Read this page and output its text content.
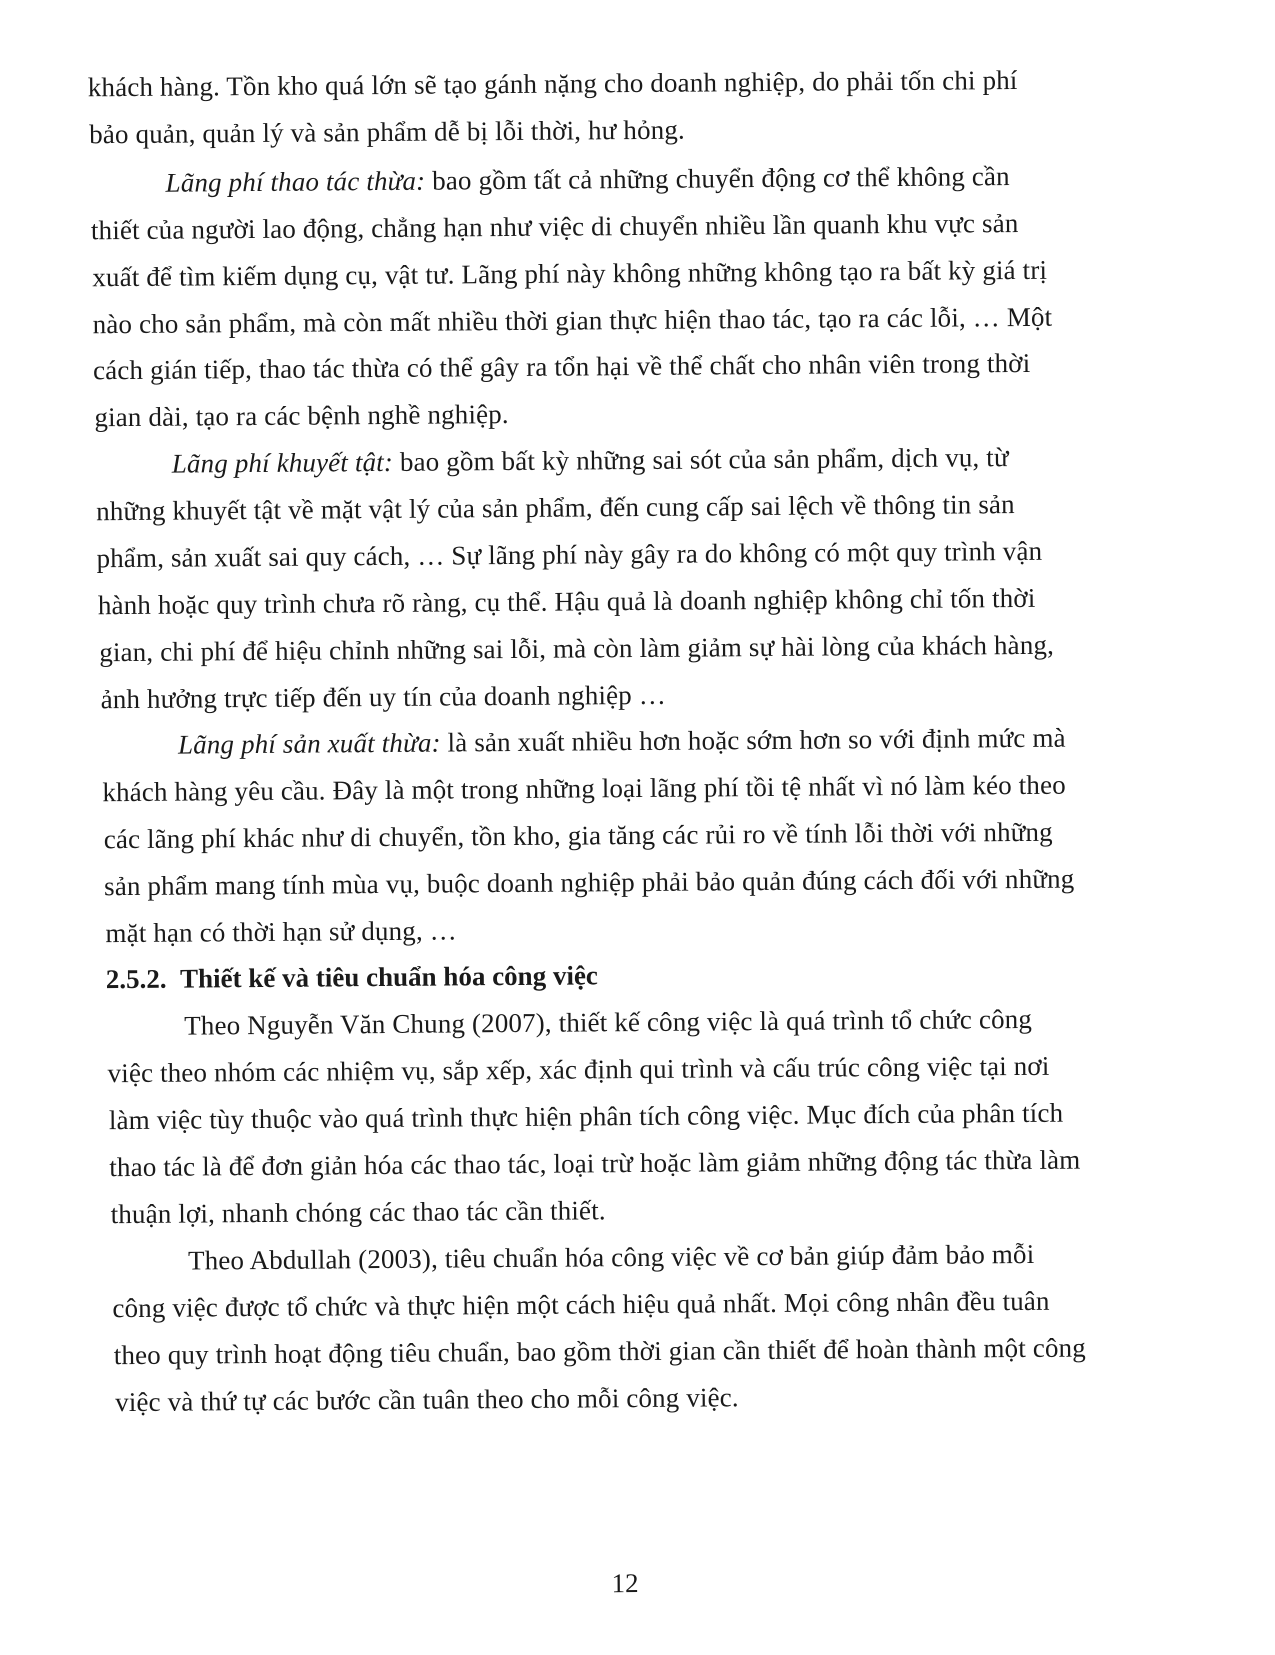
khách hàng. Tồn kho quá lớn sẽ tạo gánh nặng cho doanh nghiệp, do phải tốn chi phí
bảo quản, quản lý và sản phẩm dễ bị lỗi thời, hư hỏng.
Lãng phí thao tác thừa: bao gồm tất cả những chuyển động cơ thể không cần
thiết của người lao động, chẳng hạn như việc di chuyển nhiều lần quanh khu vực sản
xuất để tìm kiếm dụng cụ, vật tư. Lãng phí này không những không tạo ra bất kỳ giá trị
nào cho sản phẩm, mà còn mất nhiều thời gian thực hiện thao tác, tạo ra các lỗi, … Một
cách gián tiếp, thao tác thừa có thể gây ra tổn hại về thể chất cho nhân viên trong thời
gian dài, tạo ra các bệnh nghề nghiệp.
Lãng phí khuyết tật: bao gồm bất kỳ những sai sót của sản phẩm, dịch vụ, từ
những khuyết tật về mặt vật lý của sản phẩm, đến cung cấp sai lệch về thông tin sản
phẩm, sản xuất sai quy cách, … Sự lãng phí này gây ra do không có một quy trình vận
hành hoặc quy trình chưa rõ ràng, cụ thể. Hậu quả là doanh nghiệp không chỉ tốn thời
gian, chi phí để hiệu chỉnh những sai lỗi, mà còn làm giảm sự hài lòng của khách hàng,
ảnh hưởng trực tiếp đến uy tín của doanh nghiệp …
Lãng phí sản xuất thừa: là sản xuất nhiều hơn hoặc sớm hơn so với định mức mà
khách hàng yêu cầu. Đây là một trong những loại lãng phí tồi tệ nhất vì nó làm kéo theo
các lãng phí khác như di chuyển, tồn kho, gia tăng các rủi ro về tính lỗi thời với những
sản phẩm mang tính mùa vụ, buộc doanh nghiệp phải bảo quản đúng cách đối với những
mặt hạn có thời hạn sử dụng, …
2.5.2. Thiết kế và tiêu chuẩn hóa công việc
Theo Nguyễn Văn Chung (2007), thiết kế công việc là quá trình tổ chức công
việc theo nhóm các nhiệm vụ, sắp xếp, xác định qui trình và cấu trúc công việc tại nơi
làm việc tùy thuộc vào quá trình thực hiện phân tích công việc. Mục đích của phân tích
thao tác là để đơn giản hóa các thao tác, loại trừ hoặc làm giảm những động tác thừa làm
thuận lợi, nhanh chóng các thao tác cần thiết.
Theo Abdullah (2003), tiêu chuẩn hóa công việc về cơ bản giúp đảm bảo mỗi
công việc được tổ chức và thực hiện một cách hiệu quả nhất. Mọi công nhân đều tuân
theo quy trình hoạt động tiêu chuẩn, bao gồm thời gian cần thiết để hoàn thành một công
việc và thứ tự các bước cần tuân theo cho mỗi công việc.
12
